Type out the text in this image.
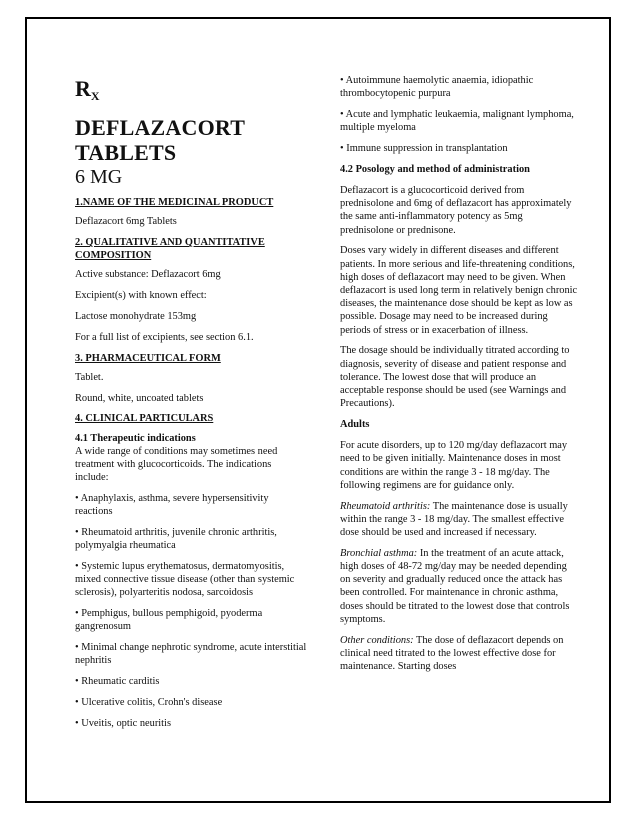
$R_X$
DEFLAZACORT
TABLETS
6 MG

1.NAME OF THE MEDICINAL PRODUCT

Deflazacort 6mg Tablets

2. QUALITATIVE AND QUANTITATIVE COMPOSITION

Active substance: Deflazacort 6mg

Excipient(s) with known effect:

Lactose monohydrate 153mg

For a full list of excipients, see section 6.1.

3. PHARMACEUTICAL FORM

Tablet.

Round, white, uncoated tablets

4. CLINICAL PARTICULARS

4.1 Therapeutic indications

A wide range of conditions may sometimes need treatment with glucocorticoids. The indications include:

• Anaphylaxis, asthma, severe hypersensitivity reactions

• Rheumatoid arthritis, juvenile chronic arthritis, polymyalgia rheumatica

• Systemic lupus erythematosus, dermatomyositis, mixed connective tissue disease (other than systemic sclerosis), polyarteritis nodosa, sarcoidosis

• Pemphigus, bullous pemphigoid, pyoderma gangrenosum

• Minimal change nephrotic syndrome, acute interstitial nephritis

• Rheumatic carditis

• Ulcerative colitis, Crohn's disease

• Uveitis, optic neuritis

• Autoimmune haemolytic anaemia, idiopathic thrombocytopenic purpura

• Acute and lymphatic leukaemia, malignant lymphoma, multiple myeloma

• Immune suppression in transplantation

4.2 Posology and method of administration

Deflazacort is a glucocorticoid derived from prednisolone and 6mg of deflazacort has approximately the same anti-inflammatory potency as 5mg prednisolone or prednisone.

Doses vary widely in different diseases and different patients. In more serious and life-threatening conditions, high doses of deflazacort may need to be given. When deflazacort is used long term in relatively benign chronic diseases, the maintenance dose should be kept as low as possible. Dosage may need to be increased during periods of stress or in exacerbation of illness.

The dosage should be individually titrated according to diagnosis, severity of disease and patient response and tolerance. The lowest dose that will produce an acceptable response should be used (see Warnings and Precautions).

Adults

For acute disorders, up to 120 mg/day deflazacort may need to be given initially. Maintenance doses in most conditions are within the range 3 - 18 mg/day. The following regimens are for guidance only.

Rheumatoid arthritis: The maintenance dose is usually within the range 3 - 18 mg/day. The smallest effective dose should be used and increased if necessary.

Bronchial asthma: In the treatment of an acute attack, high doses of 48-72 mg/day may be needed depending on severity and gradually reduced once the attack has been controlled. For maintenance in chronic asthma, doses should be titrated to the lowest dose that controls symptoms.

Other conditions: The dose of deflazacort depends on clinical need titrated to the lowest effective dose for maintenance. Starting doses
